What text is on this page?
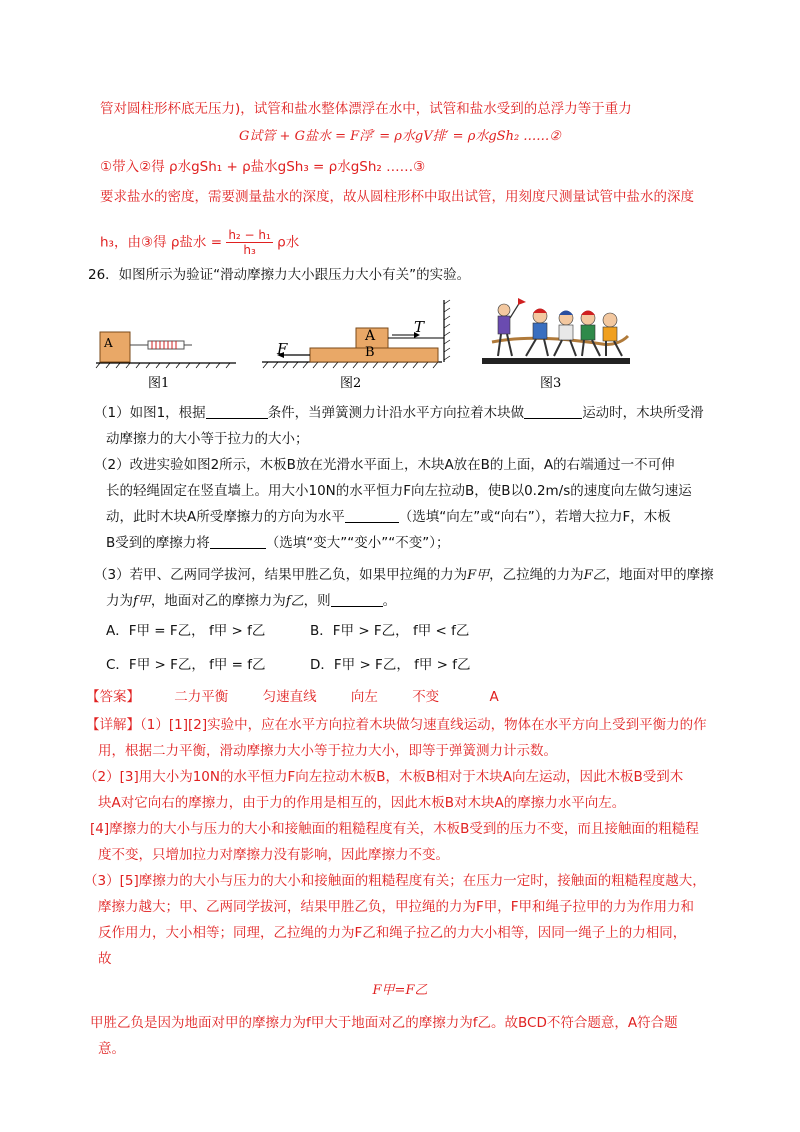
管对圆柱形杯底无压力)，试管和盐水整体漂浮在水中，试管和盐水受到的总浮力等于重力
G试管 + G盐水 = F浮′ = ρ水gV排′ = ρ水gSh₂ ……②
①带入②得 ρ水gSh₁ + ρ盐水gSh₃ = ρ水gSh₂ ……③
要求盐水的密度，需要测量盐水的深度，故从圆柱形杯中取出试管，用刻度尺测量试管中盐水的深度
h₃，由③得 ρ盐水 = $\frac{\text{h₂ − h₁}}{\text{h₃}}$ ρ水
26．如图所示为验证“滑动摩擦力大小跟压力大小有关”的实验。
A
图1
A
B
F
T
图2	图3
（1）如图1，根据	条件，当弹簧测力计沿水平方向拉着木块做	运动时，木块所受滑
动摩擦力的大小等于拉力的大小；
（2）改进实验如图2所示，木板B放在光滑水平面上，木块A放在B的上面，A的右端通过一不可伸
长的轻绳固定在竖直墙上。用大小10N的水平恒力F向左拉动B，使B以0.2m/s的速度向左做匀速运
动，此时木块A所受摩擦力的方向为水平	（选填“向左”或“向右”），若增大拉力F，木板
B受到的摩擦力将	（选填“变大”“变小”“不变”）；
（3）若甲、乙两同学拔河，结果甲胜乙负，如果甲拉绳的力为F甲，乙拉绳的力为F乙，地面对甲的摩擦
力为f甲，地面对乙的摩擦力为f乙，则	。
A．F甲 = F乙， f甲 > f乙	B．F甲 > F乙， f甲 < f乙
C．F甲 > F乙， f甲 = f乙	D．F甲 > F乙， f甲 > f乙
【答案】	二力平衡	匀速直线	向左	不变	A
【详解】（1）[1][2]实验中，应在水平方向拉着木块做匀速直线运动，物体在水平方向上受到平衡力的作
用，根据二力平衡，滑动摩擦力大小等于拉力大小，即等于弹簧测力计示数。
（2）[3]用大小为10N的水平恒力F向左拉动木板B，木板B相对于木块A向左运动，因此木板B受到木
块A对它向右的摩擦力，由于力的作用是相互的，因此木板B对木块A的摩擦力水平向左。
[4]摩擦力的大小与压力的大小和接触面的粗糙程度有关，木板B受到的压力不变，而且接触面的粗糙程
度不变，只增加拉力对摩擦力没有影响，因此摩擦力不变。
（3）[5]摩擦力的大小与压力的大小和接触面的粗糙程度有关；在压力一定时，接触面的粗糙程度越大，
摩擦力越大；甲、乙两同学拔河，结果甲胜乙负，甲拉绳的力为F甲，F甲和绳子拉甲的力为作用力和
反作用力，大小相等；同理，乙拉绳的力为F乙和绳子拉乙的力大小相等，因同一绳子上的力相同，
故
F甲=F乙
甲胜乙负是因为地面对甲的摩擦力为f甲大于地面对乙的摩擦力为f乙。故BCD不符合题意，A符合题
意。
